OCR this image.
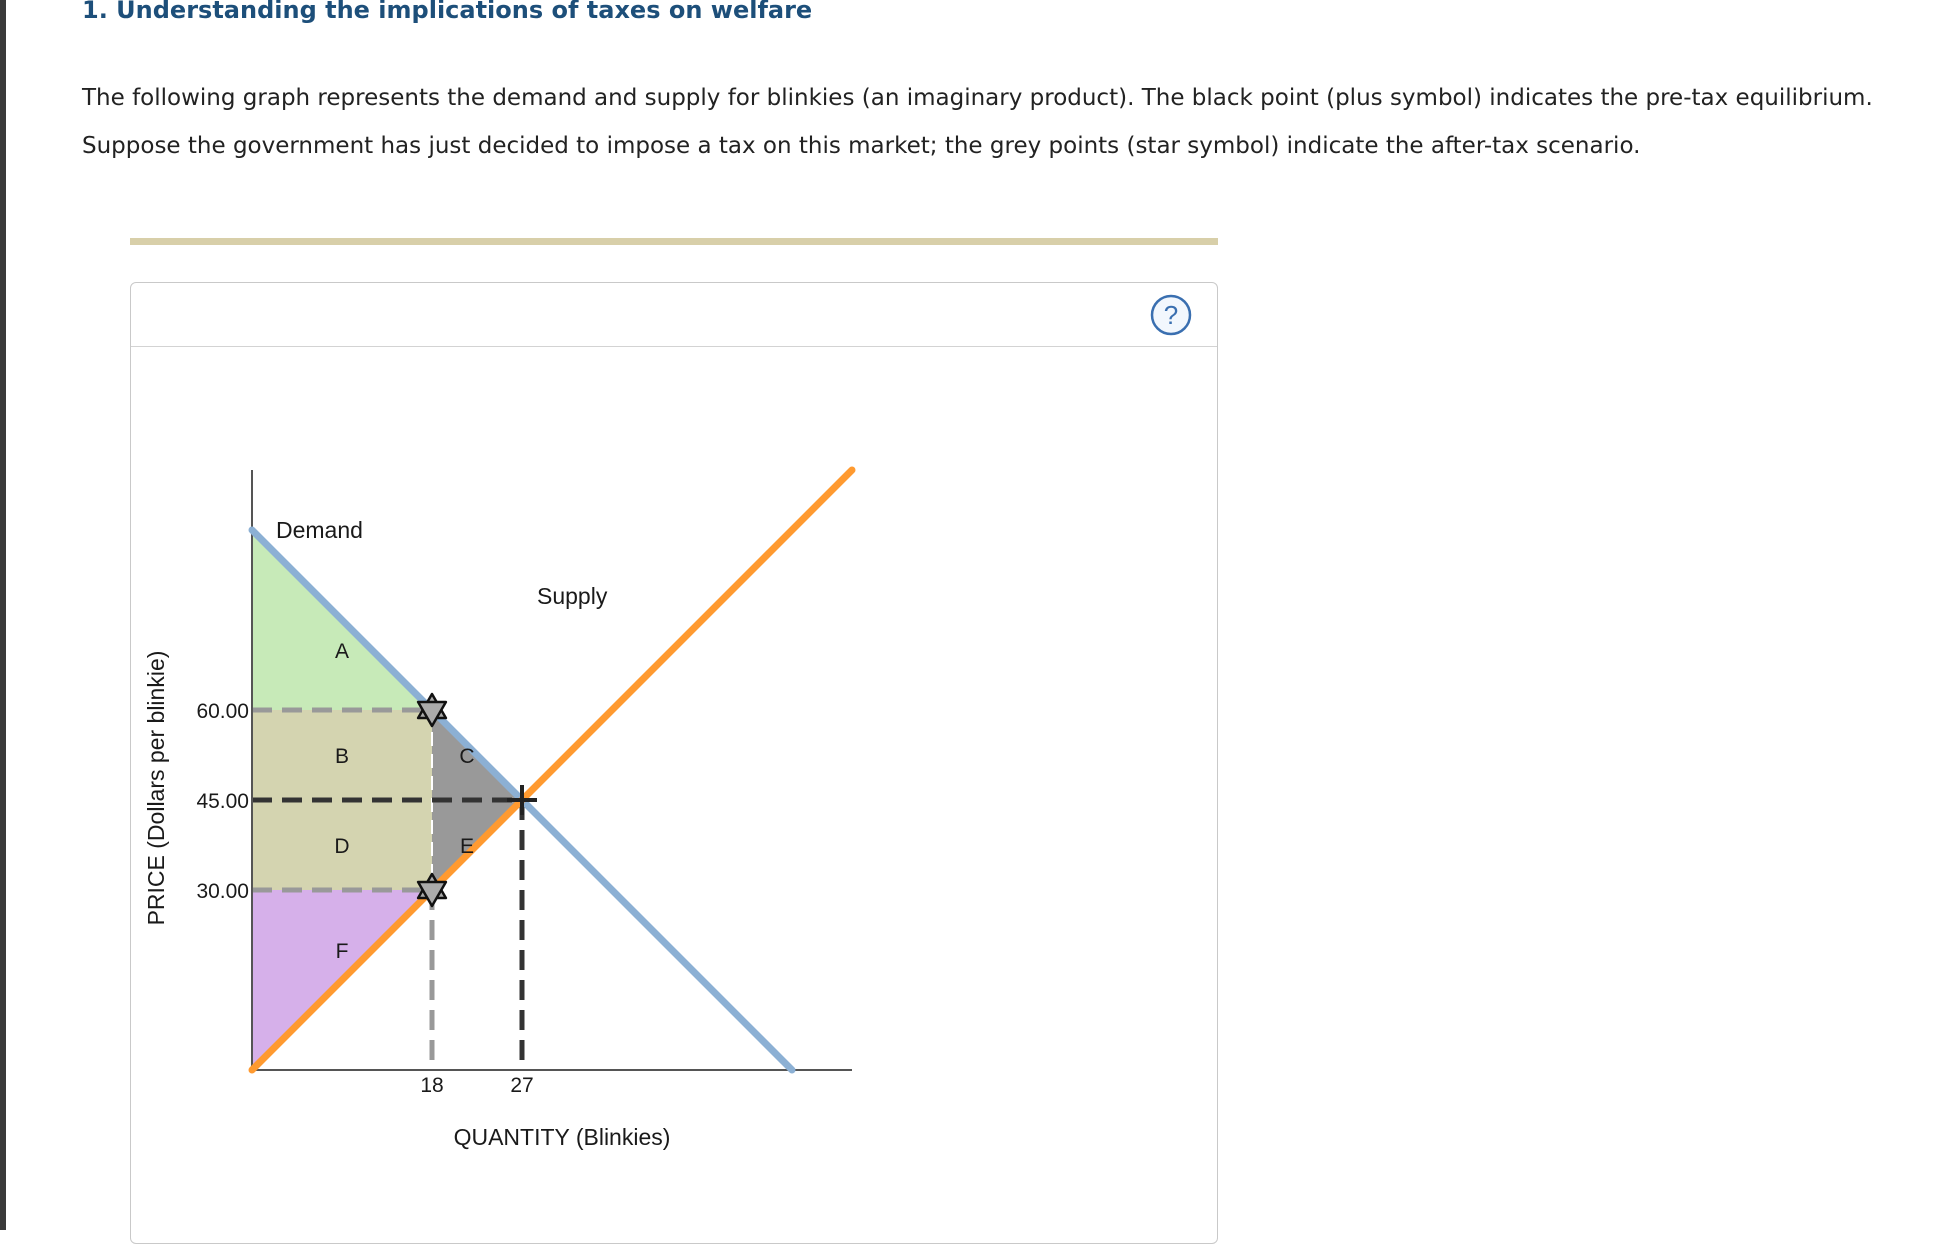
1. Understanding the implications of taxes on welfare

The following graph represents the demand and supply for blinkies (an imaginary product). The black point (plus symbol) indicates the pre-tax equilibrium. Suppose the government has just decided to impose a tax on this market; the grey points (star symbol) indicate the after-tax scenario.

?
30.00
45.00
60.00
18	27
Demand
Supply
QUANTITY (Blinkies)
PRICE (Dollars per blinkie)	A
B	C
D	E
F
